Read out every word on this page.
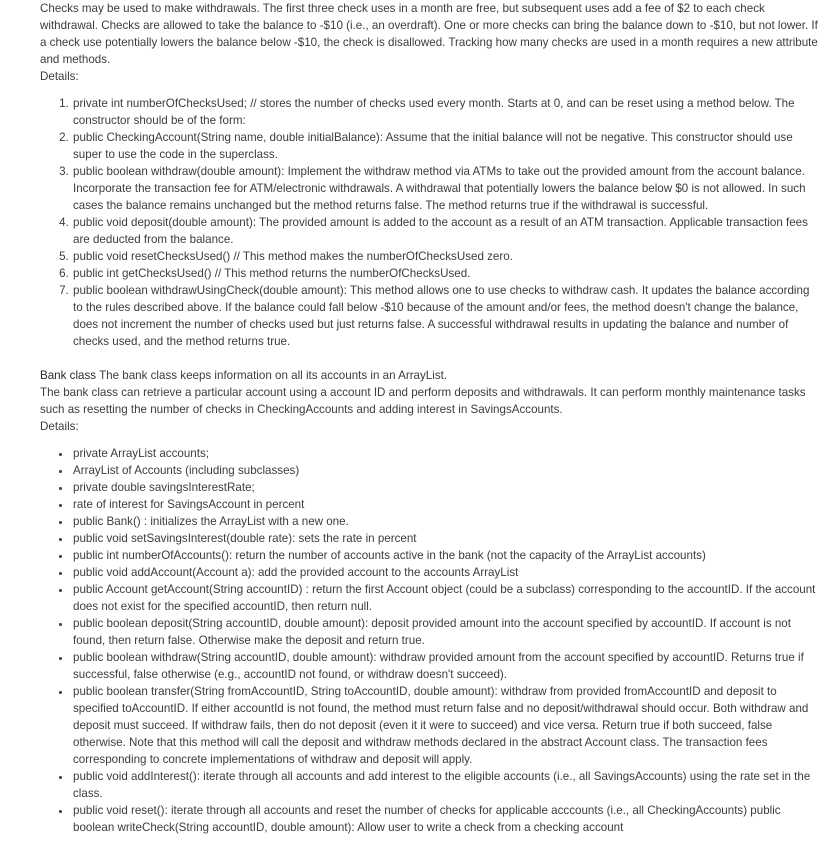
Checks may be used to make withdrawals. The first three check uses in a month are free, but subsequent uses add a fee of $2 to each check withdrawal. Checks are allowed to take the balance to -$10 (i.e., an overdraft). One or more checks can bring the balance down to -$10, but not lower. If a check use potentially lowers the balance below -$10, the check is disallowed. Tracking how many checks are used in a month requires a new attribute and methods.

Details:

1. private int numberOfChecksUsed; // stores the number of checks used every month. Starts at 0, and can be reset using a method below. The constructor should be of the form:
2. public CheckingAccount(String name, double initialBalance): Assume that the initial balance will not be negative. This constructor should use super to use the code in the superclass.
3. public boolean withdraw(double amount): Implement the withdraw method via ATMs to take out the provided amount from the account balance. Incorporate the transaction fee for ATM/electronic withdrawals. A withdrawal that potentially lowers the balance below $0 is not allowed. In such cases the balance remains unchanged but the method returns false. The method returns true if the withdrawal is successful.
4. public void deposit(double amount): The provided amount is added to the account as a result of an ATM transaction. Applicable transaction fees are deducted from the balance.
5. public void resetChecksUsed() // This method makes the numberOfChecksUsed zero.
6. public int getChecksUsed() // This method returns the numberOfChecksUsed.
7. public boolean withdrawUsingCheck(double amount): This method allows one to use checks to withdraw cash. It updates the balance according to the rules described above. If the balance could fall below -$10 because of the amount and/or fees, the method doesn't change the balance, does not increment the number of checks used but just returns false. A successful withdrawal results in updating the balance and number of checks used, and the method returns true.

Bank class The bank class keeps information on all its accounts in an ArrayList.

The bank class can retrieve a particular account using a account ID and perform deposits and withdrawals. It can perform monthly maintenance tasks such as resetting the number of checks in CheckingAccounts and adding interest in SavingsAccounts.

Details:

• private ArrayList accounts;
• ArrayList of Accounts (including subclasses)
• private double savingsInterestRate;
• rate of interest for SavingsAccount in percent
• public Bank() : initializes the ArrayList with a new one.
• public void setSavingsInterest(double rate): sets the rate in percent
• public int numberOfAccounts(): return the number of accounts active in the bank (not the capacity of the ArrayList accounts)
• public void addAccount(Account a): add the provided account to the accounts ArrayList
• public Account getAccount(String accountID) : return the first Account object (could be a subclass) corresponding to the accountID. If the account does not exist for the specified accountID, then return null.
• public boolean deposit(String accountID, double amount): deposit provided amount into the account specified by accountID. If account is not found, then return false. Otherwise make the deposit and return true.
• public boolean withdraw(String accountID, double amount): withdraw provided amount from the account specified by accountID. Returns true if successful, false otherwise (e.g., accountID not found, or withdraw doesn't succeed).
• public boolean transfer(String fromAccountID, String toAccountID, double amount): withdraw from provided fromAccountID and deposit to specified toAccountID. If either accountId is not found, the method must return false and no deposit/withdrawal should occur. Both withdraw and deposit must succeed. If withdraw fails, then do not deposit (even it it were to succeed) and vice versa. Return true if both succeed, false otherwise. Note that this method will call the deposit and withdraw methods declared in the abstract Account class. The transaction fees corresponding to concrete implementations of withdraw and deposit will apply.
• public void addInterest(): iterate through all accounts and add interest to the eligible accounts (i.e., all SavingsAccounts) using the rate set in the class.
• public void reset(): iterate through all accounts and reset the number of checks for applicable acccounts (i.e., all CheckingAccounts) public boolean writeCheck(String accountID, double amount): Allow user to write a check from a checking account
